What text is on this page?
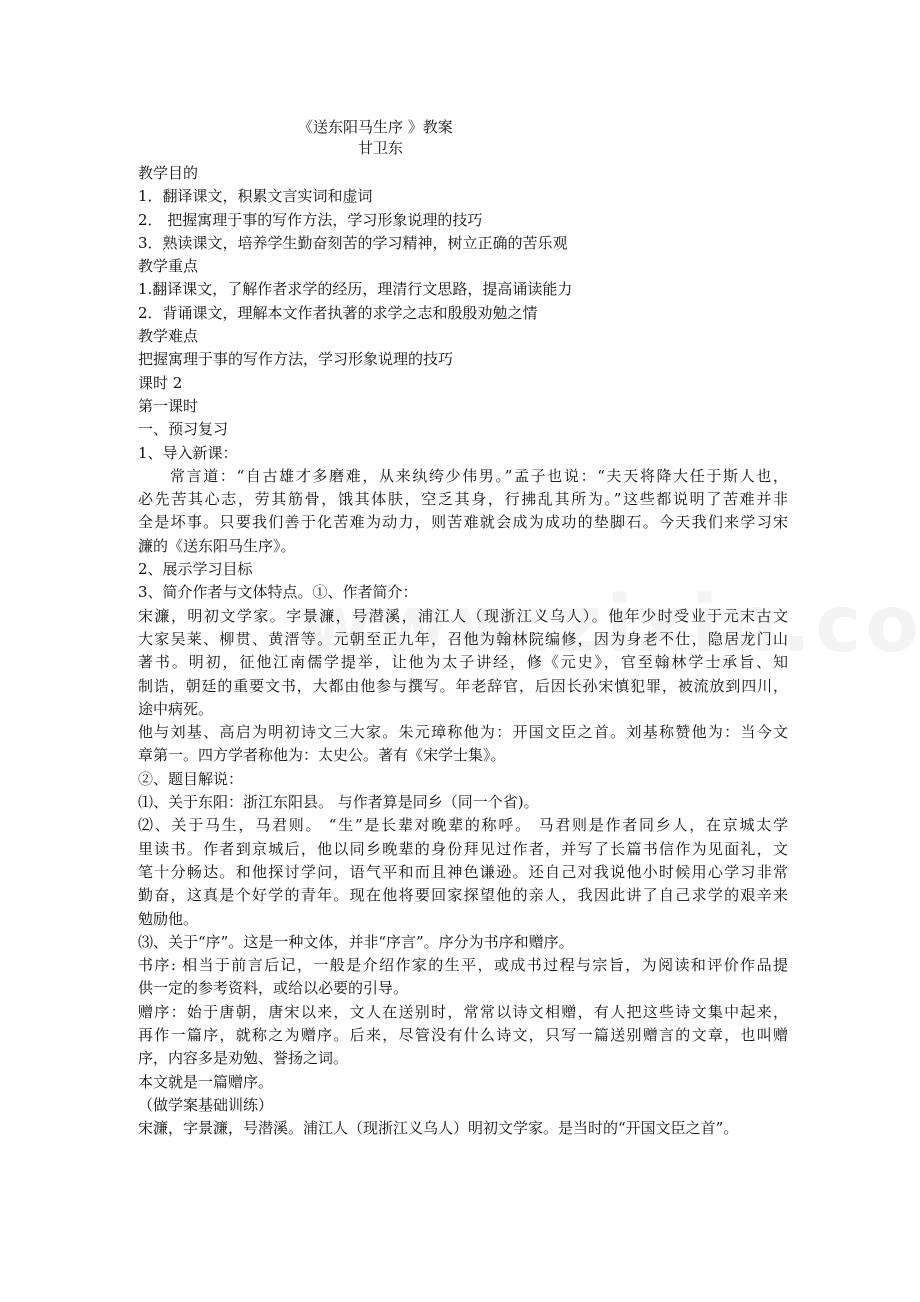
《送东阳马生序 》教案
甘卫东
教学目的
1．翻译课文，积累文言实词和虚词
2． 把握寓理于事的写作方法，学习形象说理的技巧
3．熟读课文，培养学生勤奋刻苦的学习精神，树立正确的苦乐观
教学重点
1.翻译课文，了解作者求学的经历，理清行文思路，提高诵读能力
2．背诵课文，理解本文作者执著的求学之志和殷殷劝勉之情
教学难点
把握寓理于事的写作方法，学习形象说理的技巧
课时 2
第一课时
一、预习复习
1、导入新课：
常言道：“自古雄才多磨难，从来纨绔少伟男。”孟子也说：“夫天将降大任于斯人也，
必先苦其心志，劳其筋骨，饿其体肤，空乏其身，行拂乱其所为。”这些都说明了苦难并非
全是坏事。只要我们善于化苦难为动力，则苦难就会成为成功的垫脚石。今天我们来学习宋
濂的《送东阳马生序》。
2、展示学习目标
3、简介作者与文体特点。①、作者简介：
宋濂，明初文学家。字景濂，号潜溪，浦江人（现浙江义乌人）。他年少时受业于元末古文
大家吴莱、柳贯、黄溍等。元朝至正九年，召他为翰林院编修，因为身老不仕，隐居龙门山
著书。明初，征他江南儒学提举，让他为太子讲经，修《元史》，官至翰林学士承旨、知
制诰，朝廷的重要文书，大都由他参与撰写。年老辞官，后因长孙宋慎犯罪，被流放到四川，
途中病死。
他与刘基、高启为明初诗文三大家。朱元璋称他为：开国文臣之首。刘基称赞他为：当今文
章第一。四方学者称他为：太史公。著有《宋学士集》。
②、题目解说：
⑴、关于东阳：浙江东阳县。 与作者算是同乡（同一个省)。
⑵、关于马生，马君则。 “生”是长辈对晚辈的称呼。 马君则是作者同乡人，在京城太学
里读书。作者到京城后，他以同乡晚辈的身份拜见过作者，并写了长篇书信作为见面礼，文
笔十分畅达。和他探讨学问，语气平和而且神色谦逊。还自己对我说他小时候用心学习非常
勤奋，这真是个好学的青年。现在他将要回家探望他的亲人，我因此讲了自己求学的艰辛来
勉励他。
⑶、关于“序”。这是一种文体，并非“序言”。序分为书序和赠序。
书序: 相当于前言后记，一般是介绍作家的生平，或成书过程与宗旨，为阅读和评价作品提
供一定的参考资料，或给以必要的引导。
赠序：始于唐朝，唐宋以来，文人在送别时，常常以诗文相赠，有人把这些诗文集中起来，
再作一篇序，就称之为赠序。后来，尽管没有什么诗文，只写一篇送别赠言的文章，也叫赠
序，内容多是劝勉、誉扬之词。
本文就是一篇赠序。
（做学案基础训练）
宋濂，字景濂，号潜溪。浦江人（现浙江义乌人）明初文学家。是当时的“开国文臣之首”。
